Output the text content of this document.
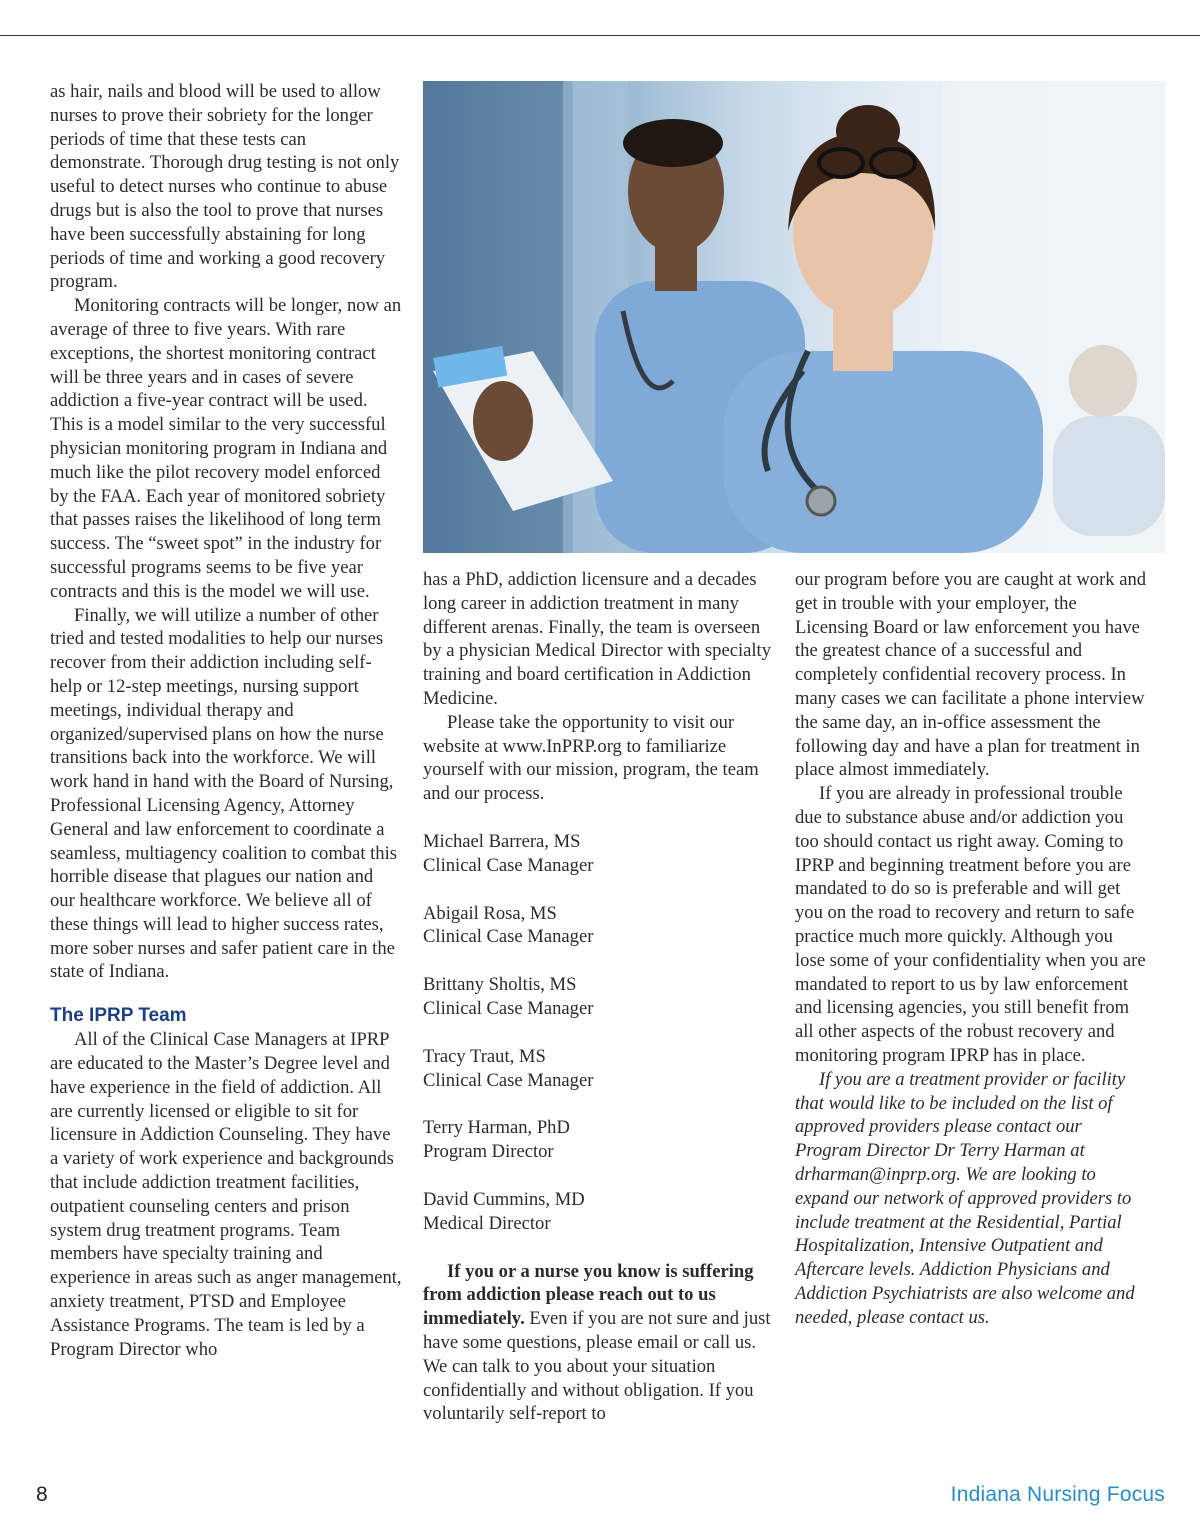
as hair, nails and blood will be used to allow nurses to prove their sobriety for the longer periods of time that these tests can demonstrate. Thorough drug testing is not only useful to detect nurses who continue to abuse drugs but is also the tool to prove that nurses have been successfully abstaining for long periods of time and working a good recovery program.

Monitoring contracts will be longer, now an average of three to five years. With rare exceptions, the shortest monitoring contract will be three years and in cases of severe addiction a five-year contract will be used. This is a model similar to the very successful physician monitoring program in Indiana and much like the pilot recovery model enforced by the FAA. Each year of monitored sobriety that passes raises the likelihood of long term success. The “sweet spot” in the industry for successful programs seems to be five year contracts and this is the model we will use.

Finally, we will utilize a number of other tried and tested modalities to help our nurses recover from their addiction including self-help or 12-step meetings, nursing support meetings, individual therapy and organized/supervised plans on how the nurse transitions back into the workforce. We will work hand in hand with the Board of Nursing, Professional Licensing Agency, Attorney General and law enforcement to coordinate a seamless, multiagency coalition to combat this horrible disease that plagues our nation and our healthcare workforce. We believe all of these things will lead to higher success rates, more sober nurses and safer patient care in the state of Indiana.

The IPRP Team

All of the Clinical Case Managers at IPRP are educated to the Master’s Degree level and have experience in the field of addiction. All are currently licensed or eligible to sit for licensure in Addiction Counseling. They have a variety of work experience and backgrounds that include addiction treatment facilities, outpatient counseling centers and prison system drug treatment programs. Team members have specialty training and experience in areas such as anger management, anxiety treatment, PTSD and Employee Assistance Programs. The team is led by a Program Director who

has a PhD, addiction licensure and a decades long career in addiction treatment in many different arenas. Finally, the team is overseen by a physician Medical Director with specialty training and board certification in Addiction Medicine.

Please take the opportunity to visit our website at www.InPRP.org to familiarize yourself with our mission, program, the team and our process.

Michael Barrera, MS
Clinical Case Manager
Abigail Rosa, MS
Clinical Case Manager
Brittany Sholtis, MS
Clinical Case Manager
Tracy Traut, MS
Clinical Case Manager
Terry Harman, PhD
Program Director
David Cummins, MD
Medical Director

If you or a nurse you know is suffering from addiction please reach out to us immediately. Even if you are not sure and just have some questions, please email or call us. We can talk to you about your situation confidentially and without obligation. If you voluntarily self-report to

our program before you are caught at work and get in trouble with your employer, the Licensing Board or law enforcement you have the greatest chance of a successful and completely confidential recovery process. In many cases we can facilitate a phone interview the same day, an in-office assessment the following day and have a plan for treatment in place almost immediately.

If you are already in professional trouble due to substance abuse and/or addiction you too should contact us right away. Coming to IPRP and beginning treatment before you are mandated to do so is preferable and will get you on the road to recovery and return to safe practice much more quickly. Although you lose some of your confidentiality when you are mandated to report to us by law enforcement and licensing agencies, you still benefit from all other aspects of the robust recovery and monitoring program IPRP has in place.

If you are a treatment provider or facility that would like to be included on the list of approved providers please contact our Program Director Dr Terry Harman at drharman@inprp.org. We are looking to expand our network of approved providers to include treatment at the Residential, Partial Hospitalization, Intensive Outpatient and Aftercare levels. Addiction Physicians and Addiction Psychiatrists are also welcome and needed, please contact us.

8	Indiana Nursing Focus
